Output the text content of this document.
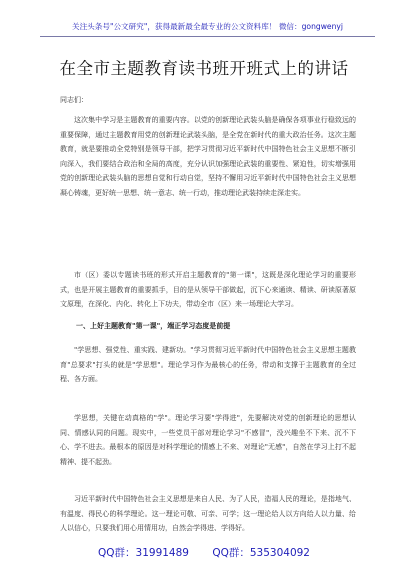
关注头条号"公文研究"，获得最新最全最专业的公文资料库！ 微信：gongwenyj
在全市主题教育读书班开班式上的讲话
同志们：

这次集中学习是主题教育的重要内容。以党的创新理论武装头脑是确保各项事业行稳致远的重要保障，通过主题教育用党的创新理论武装头脑，是全党在新时代的重大政治任务。这次主题教育，就是要推动全党特别是领导干部，把学习贯彻习近平新时代中国特色社会主义思想不断引向深入，我们要结合政治和全局的高度，充分认识加强理论武装的重要性、紧迫性，切实增强用党的创新理论武装头脑的思想自觉和行动自觉，坚持不懈用习近平新时代中国特色社会主义思想凝心铸魂，更好统一思想、统一意志、统一行动，推动理论武装持续走深走实。

市（区）委以专题读书班的形式开启主题教育的"第一课"，这既是深化理论学习的重要形式，也是开展主题教育的重要抓手，目的是从领导干部做起，沉下心来通读、精读、研读原著原文原理，在深化、内化、转化上下功夫，带动全市（区）来一场理论大学习。

一、上好主题教育"第一课"，端正学习态度是前提

"学思想、强党性、重实践、建新功。"学习贯彻习近平新时代中国特色社会主义思想主题教育"总要求"打头的就是"学思想"。理论学习作为最核心的任务，带动和支撑于主题教育的全过程、各方面。

学思想，关键在动真格的"学"。理论学习要"学得进"，先要解决对党的创新理论的思想认同、情感认同的问题。现实中，一些党员干部对理论学习"不感冒"，没兴趣坐不下来、沉不下心、学不进去。最根本的原因是对科学理论的情感上不来、对理论"无感"，自然在学习上打不起精神、提不起劲。

习近平新时代中国特色社会主义思想是来自人民、为了人民，造福人民的理论，是指地气、有温度、得民心的科学理论。这一理论可敬、可亲、可学；这一理论给人以方向给人以力量、给人以信心，只要我们用心用情用功，自然会学得进、学得好。

QQ群：31991489 QQ群：535304092
